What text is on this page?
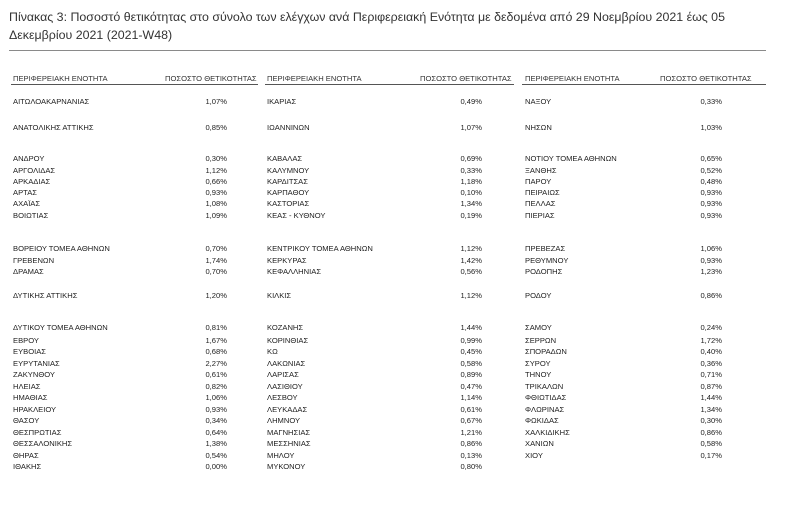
Πίνακας 3: Ποσοστό θετικότητας στο σύνολο των ελέγχων ανά Περιφερειακή Ενότητα με δεδομένα από 29 Νοεμβρίου 2021 έως 05 Δεκεμβρίου 2021 (2021-W48)
ΠΕΡΙΦΕΡΕΙΑΚΗ ΕΝΟΤΗΤΑ	ΠΟΣΟΣΤΟ ΘΕΤΙΚΟΤΗΤΑΣ ΠΕΡΙΦΕΡΕΙΑΚΗ ΕΝΟΤΗΤΑ	ΠΟΣΟΣΤΟ ΘΕΤΙΚΟΤΗΤΑΣ ΠΕΡΙΦΕΡΕΙΑΚΗ ΕΝΟΤΗΤΑ	ΠΟΣΟΣΤΟ ΘΕΤΙΚΟΤΗΤΑΣ
ΑΙΤΩΛΟΑΚΑΡΝΑΝΙΑΣ	1,07%	ΙΚΑΡΙΑΣ	0,49%	ΝΑΞΟΥ	0,33%
ΑΝΑΤΟΛΙΚΗΣ ΑΤΤΙΚΗΣ	0,85%	ΙΩΑΝΝΙΝΩΝ	1,07%	ΝΗΣΩΝ	1,03%
ΑΝΔΡΟΥ	0,30%	ΚΑΒΑΛΑΣ	0,69%	ΝΟΤΙΟΥ ΤΟΜΕΑ ΑΘΗΝΩΝ	0,65%
ΑΡΓΟΛΙΔΑΣ	1,12%	ΚΑΛΥΜΝΟΥ	0,33%	ΞΑΝΘΗΣ	0,52%
ΑΡΚΑΔΙΑΣ	0,66%	ΚΑΡΔΙΤΣΑΣ	1,18%	ΠΑΡΟΥ	0,48%
ΑΡΤΑΣ	0,93%	ΚΑΡΠΑΘΟΥ	0,10%	ΠΕΙΡΑΙΩΣ	0,93%
ΑΧΑΪΑΣ	1,08%	ΚΑΣΤΟΡΙΑΣ	1,34%	ΠΕΛΛΑΣ	0,93%
ΒΟΙΩΤΙΑΣ	1,09%	ΚΕΑΣ - ΚΥΘΝΟΥ	0,19%	ΠΙΕΡΙΑΣ	0,93%
ΒΟΡΕΙΟΥ ΤΟΜΕΑ ΑΘΗΝΩΝ	0,70%	ΚΕΝΤΡΙΚΟΥ ΤΟΜΕΑ ΑΘΗΝΩΝ	1,12%	ΠΡΕΒΕΖΑΣ	1,06%
ΓΡΕΒΕΝΩΝ	1,74%	ΚΕΡΚΥΡΑΣ	1,42%	ΡΕΘΥΜΝΟΥ	0,93%
ΔΡΑΜΑΣ	0,70%	ΚΕΦΑΛΛΗΝΙΑΣ	0,56%	ΡΟΔΟΠΗΣ	1,23%
ΔΥΤΙΚΗΣ ΑΤΤΙΚΗΣ	1,20%	ΚΙΛΚΙΣ	1,12%	ΡΟΔΟΥ	0,86%
ΔΥΤΙΚΟΥ ΤΟΜΕΑ ΑΘΗΝΩΝ	0,81%	ΚΟΖΑΝΗΣ	1,44%	ΣΑΜΟΥ	0,24%
ΕΒΡΟΥ	1,67%	ΚΟΡΙΝΘΙΑΣ	0,99%	ΣΕΡΡΩΝ	1,72%
ΕΥΒΟΙΑΣ	0,68%	ΚΩ	0,45%	ΣΠΟΡΑΔΩΝ	0,40%
ΕΥΡΥΤΑΝΙΑΣ	2,27%	ΛΑΚΩΝΙΑΣ	0,58%	ΣΥΡΟΥ	0,36%
ΖΑΚΥΝΘΟΥ	0,61%	ΛΑΡΙΣΑΣ	0,89%	ΤΗΝΟΥ	0,71%
ΗΛΕΙΑΣ	0,82%	ΛΑΣΙΘΙΟΥ	0,47%	ΤΡΙΚΑΛΩΝ	0,87%
ΗΜΑΘΙΑΣ	1,06%	ΛΕΣΒΟΥ	1,14%	ΦΘΙΩΤΙΔΑΣ	1,44%
ΗΡΑΚΛΕΙΟΥ	0,93%	ΛΕΥΚΑΔΑΣ	0,61%	ΦΛΩΡΙΝΑΣ	1,34%
ΘΑΣΟΥ	0,34%	ΛΗΜΝΟΥ	0,67%	ΦΩΚΙΔΑΣ	0,30%
ΘΕΣΠΡΩΤΙΑΣ	0,64%	ΜΑΓΝΗΣΙΑΣ	1,21%	ΧΑΛΚΙΔΙΚΗΣ	0,86%
ΘΕΣΣΑΛΟΝΙΚΗΣ	1,38%	ΜΕΣΣΗΝΙΑΣ	0,86%	ΧΑΝΙΩΝ	0,58%
ΘΗΡΑΣ	0,54%	ΜΗΛΟΥ	0,13%	ΧΙΟΥ	0,17%
ΙΘΑΚΗΣ	0,00%	ΜΥΚΟΝΟΥ	0,80%
